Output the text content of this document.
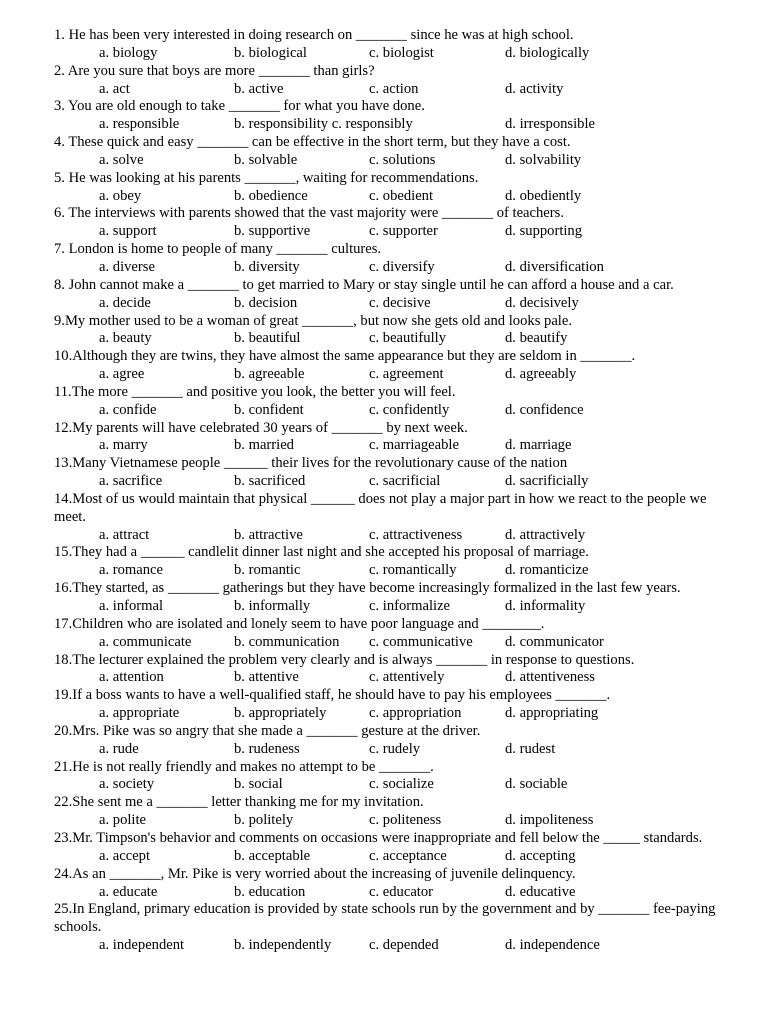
1. He has been very interested in doing research on _______ since he was at high school.
a. biology	b. biological	c. biologist	d. biologically
2. Are you sure that boys are more _______ than girls?
a. act	b. active	c. action	d. activity
3. You are old enough to take _______ for what you have done.
a. responsible	b. responsibility c. responsibly	d. irresponsible
4. These quick and easy _______ can be effective in the short term, but they have a cost.
a. solve	b. solvable	c. solutions	d. solvability
5. He was looking at his parents _______, waiting for recommendations.
a. obey	b. obedience	c. obedient	d. obediently
6. The interviews with parents showed that the vast majority were _______ of teachers.
a. support	b. supportive	c. supporter	d. supporting
7. London is home to people of many _______ cultures.
a. diverse	b. diversity	c. diversify	d. diversification
8. John cannot make a _______ to get married to Mary or stay single until he can afford a house and a car.
a. decide	b. decision	c. decisive	d. decisively
9.My mother used to be a woman of great _______, but now she gets old and looks pale.
a. beauty	b. beautiful	c. beautifully	d. beautify
10.Although they are twins, they have almost the same appearance but they are seldom in _______.
a. agree	b. agreeable	c. agreement	d. agreeably
11.The more _______ and positive you look, the better you will feel.
a. confide	b. confident	c. confidently	d. confidence
12.My parents will have celebrated 30 years of _______ by next week.
a. marry	b. married	c. marriageable	d. marriage
13.Many Vietnamese people ______ their lives for the revolutionary cause of the nation
a. sacrifice	b. sacrificed	c. sacrificial	d. sacrificially
14.Most of us would maintain that physical ______ does not play a major part in how we react to the people we meet.
a. attract	b. attractive	c. attractiveness	d. attractively
15.They had a ______ candlelit dinner last night and she accepted his proposal of marriage.
a. romance	b. romantic	c. romantically	d. romanticize
16.They started, as _______ gatherings but they have become increasingly formalized in the last few years.
a. informal	b. informally	c. informalize	d. informality
17.Children who are isolated and lonely seem to have poor language and ________.
a. communicate	b. communication c. communicative d. communicator
18.The lecturer explained the problem very clearly and is always _______ in response to questions.
a. attention	b. attentive	c. attentively	d. attentiveness
19.If a boss wants to have a well-qualified staff, he should have to pay his employees _______.
a. appropriate	b. appropriately	c. appropriation	d. appropriating
20.Mrs. Pike was so angry that she made a _______ gesture at the driver.
a. rude	b. rudeness	c. rudely	d. rudest
21.He is not really friendly and makes no attempt to be _______.
a. society	b. social	c. socialize	d. sociable
22.She sent me a _______ letter thanking me for my invitation.
a. polite	b. politely	c. politeness	d. impoliteness
23.Mr. Timpson's behavior and comments on occasions were inappropriate and fell below the _____ standards.
a. accept	b. acceptable	c. acceptance	d. accepting
24.As an _______, Mr. Pike is very worried about the increasing of juvenile delinquency.
a. educate	b. education	c. educator	d. educative
25.In England, primary education is provided by state schools run by the government and by _______ fee-paying schools.
a. independent	b. independently	c. depended	d. independence
